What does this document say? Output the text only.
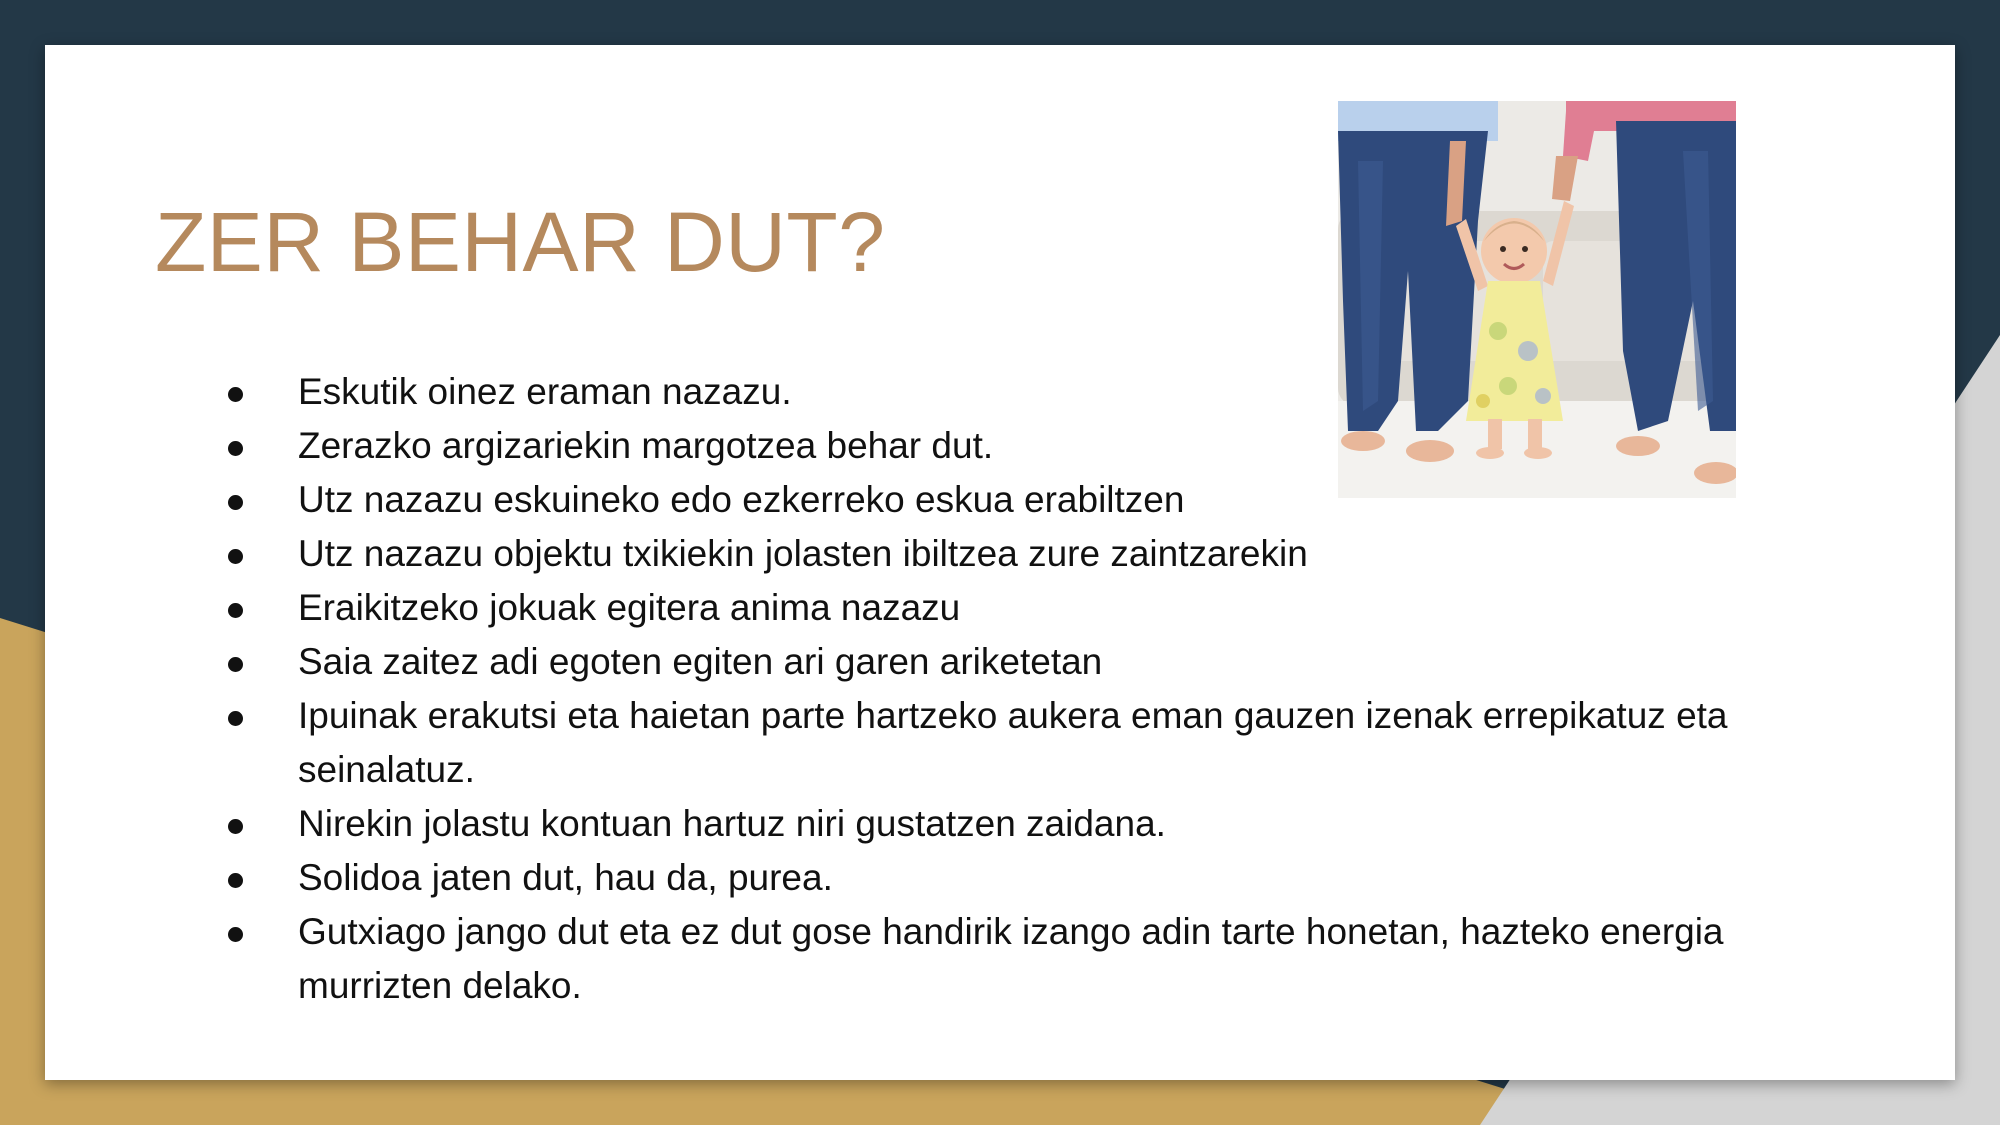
ZER BEHAR DUT?
Eskutik oinez eraman nazazu.
Zerazko argizariekin margotzea behar dut.
Utz nazazu eskuineko edo ezkerreko eskua erabiltzen
Utz nazazu objektu txikiekin jolasten ibiltzea zure zaintzarekin
Eraikitzeko jokuak egitera anima nazazu
Saia zaitez adi egoten egiten ari garen ariketetan
Ipuinak erakutsi eta haietan parte hartzeko aukera eman gauzen izenak errepikatuz eta seinalatuz.
Nirekin jolastu kontuan hartuz niri gustatzen zaidana.
Solidoa jaten dut, hau da, purea.
Gutxiago jango dut eta ez dut gose handirik izango adin tarte honetan, hazteko energia murrizten delako.
